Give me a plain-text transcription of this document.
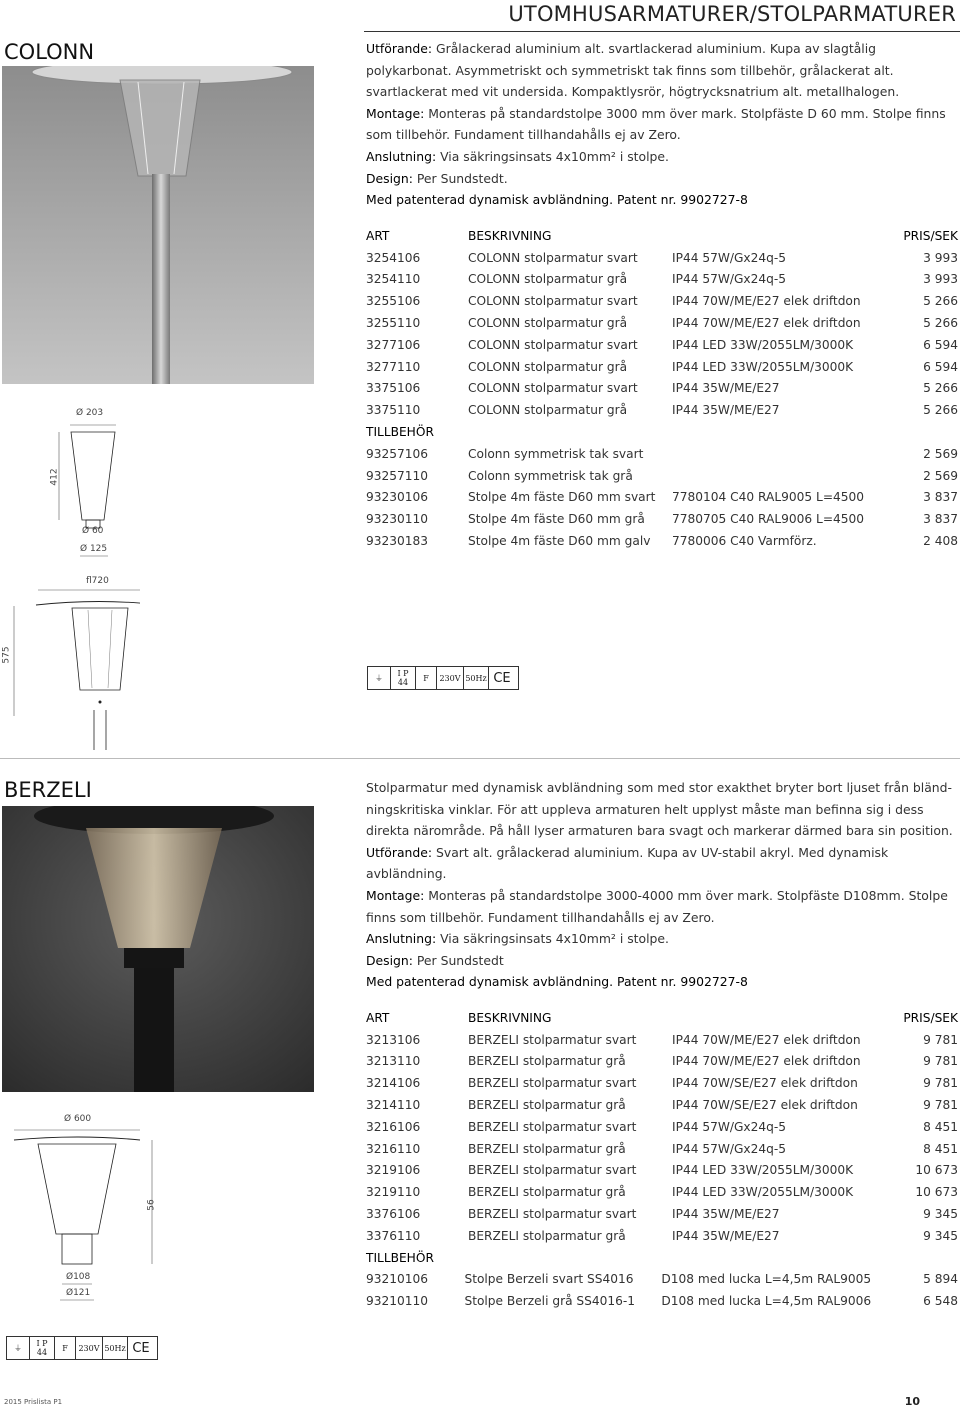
UTOMHUSARMATURER/STOLPARMATURER
COLONN	Utförande: Grålackerad aluminium alt. svartlackerad aluminium. Kupa av slagtålig polykarbonat. Asymmetriskt och symmetriskt tak finns som tillbehör, grålackerat alt. svartlackerat med vit undersida. Kompaktlysrör, högtrycksnatrium alt. metallhalogen.

Montage: Monteras på standardstolpe 3000 mm över mark. Stolpfäste D 60 mm. Stolpe finns som tillbehör. Fundament tillhandahålls ej av Zero.

Anslutning: Via säkringsinsats 4x10mm² i stolpe.

Design: Per Sundstedt.

Med patenterad dynamisk avbländning. Patent nr. 9902727-8

ART	BESKRIVNING	PRIS/SEK
3254106	COLONN stolparmatur svart	IP44 57W/Gx24q-5	3 993
3254110	COLONN stolparmatur grå	IP44 57W/Gx24q-5	3 993
3255106	COLONN stolparmatur svart	IP44 70W/ME/E27 elek driftdon	5 266
3255110	COLONN stolparmatur grå	IP44 70W/ME/E27 elek driftdon	5 266
3277106	COLONN stolparmatur svart	IP44 LED 33W/2055LM/3000K	6 594
3277110	COLONN stolparmatur grå	IP44 LED 33W/2055LM/3000K	6 594
3375106	COLONN stolparmatur svart	IP44 35W/ME/E27	5 266
3375110	COLONN stolparmatur grå	IP44 35W/ME/E27	5 266
TILLBEHÖR
93257106	Colonn symmetrisk tak svart	2 569
93257110	Colonn symmetrisk tak grå	2 569
93230106	Stolpe 4m fäste D60 mm svart	7780104 C40 RAL9005 L=4500	3 837
93230110	Stolpe 4m fäste D60 mm grå	7780705 C40 RAL9006 L=4500	3 837
93230183	Stolpe 4m fäste D60 mm galv	7780006 C40 Varmförz.	2 408
Ø 203
412
Ø 60
Ø 125
fl720
575
⏚	I P
44	F	230V 50Hz CE
BERZELI	Stolparmatur med dynamisk avbländning som med stor exakthet bryter bort ljuset från bländ-ningskritiska vinklar. För att uppleva armaturen helt upplyst måste man befinna sig i dess direkta närområde. På håll lyser armaturen bara svagt och markerar därmed bara sin position.

Utförande: Svart alt. grålackerad aluminium. Kupa av UV-stabil akryl. Med dynamisk avbländning.

Montage: Monteras på standardstolpe 3000-4000 mm över mark. Stolpfäste D108mm. Stolpe finns som tillbehör. Fundament tillhandahålls ej av Zero.

Anslutning: Via säkringsinsats 4x10mm² i stolpe.

Design: Per Sundstedt

Med patenterad dynamisk avbländning. Patent nr. 9902727-8

ART	BESKRIVNING	PRIS/SEK
3213106	BERZELI stolparmatur svart	IP44 70W/ME/E27 elek driftdon	9 781
3213110	BERZELI stolparmatur grå	IP44 70W/ME/E27 elek driftdon	9 781
3214106	BERZELI stolparmatur svart	IP44 70W/SE/E27 elek driftdon	9 781
3214110	BERZELI stolparmatur grå	IP44 70W/SE/E27 elek driftdon	9 781
3216106	BERZELI stolparmatur svart	IP44 57W/Gx24q-5	8 451
3216110	BERZELI stolparmatur grå	IP44 57W/Gx24q-5	8 451
3219106	BERZELI stolparmatur svart	IP44 LED 33W/2055LM/3000K	10 673
3219110	BERZELI stolparmatur grå	IP44 LED 33W/2055LM/3000K	10 673
3376106	BERZELI stolparmatur svart	IP44 35W/ME/E27	9 345
3376110	BERZELI stolparmatur grå	IP44 35W/ME/E27	9 345
TILLBEHÖR
93210106	Stolpe Berzeli svart SS4016	D108 med lucka L=4,5m RAL9005	5 894
93210110	Stolpe Berzeli grå SS4016-1	D108 med lucka L=4,5m RAL9006	6 548
Ø 600
56
Ø108
Ø121
⏚	I P
44	F	230V 50Hz CE
2015 Prislista P1	10
